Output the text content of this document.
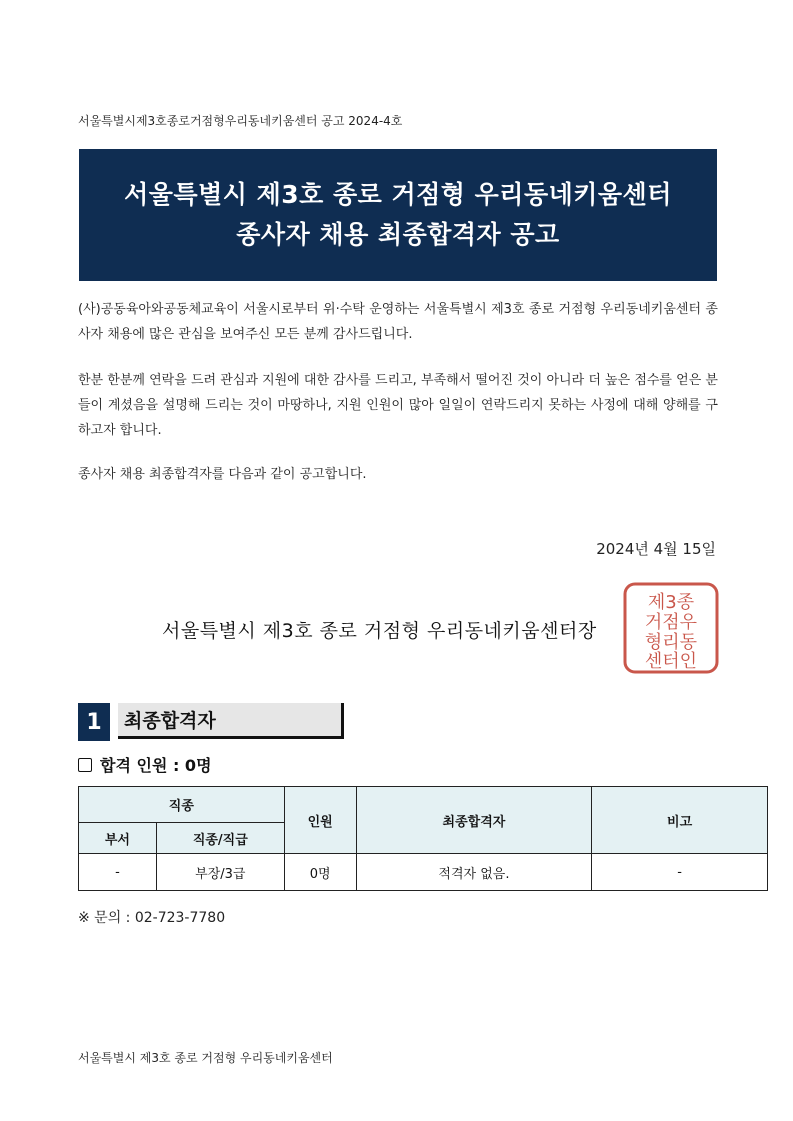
서울특별시제3호종로거점형우리동네키움센터 공고 2024-4호
서울특별시 제3호 종로 거점형 우리동네키움센터
종사자 채용 최종합격자 공고
(사)공동육아와공동체교육이 서울시로부터 위·수탁 운영하는 서울특별시 제3호 종로 거점형 우리동네키움센터 종사자 채용에 많은 관심을 보여주신 모든 분께 감사드립니다.
한분 한분께 연락을 드려 관심과 지원에 대한 감사를 드리고, 부족해서 떨어진 것이 아니라 더 높은 점수를 얻은 분들이 계셨음을 설명해 드리는 것이 마땅하나, 지원 인원이 많아 일일이 연락드리지 못하는 사정에 대해 양해를 구하고자 합니다.
종사자 채용 최종합격자를 다음과 같이 공고합니다.
2024년 4월 15일
서울특별시 제3호 종로 거점형 우리동네키움센터장
제3종
거점우
형리동
센터인
1	최종합격자
합격 인원 : 0명
직종		인원	최종합격자	비고
부서	직종/직급			
-	부장/3급	0명	적격자 없음.	-
※ 문의 : 02-723-7780
서울특별시 제3호 종로 거점형 우리동네키움센터
